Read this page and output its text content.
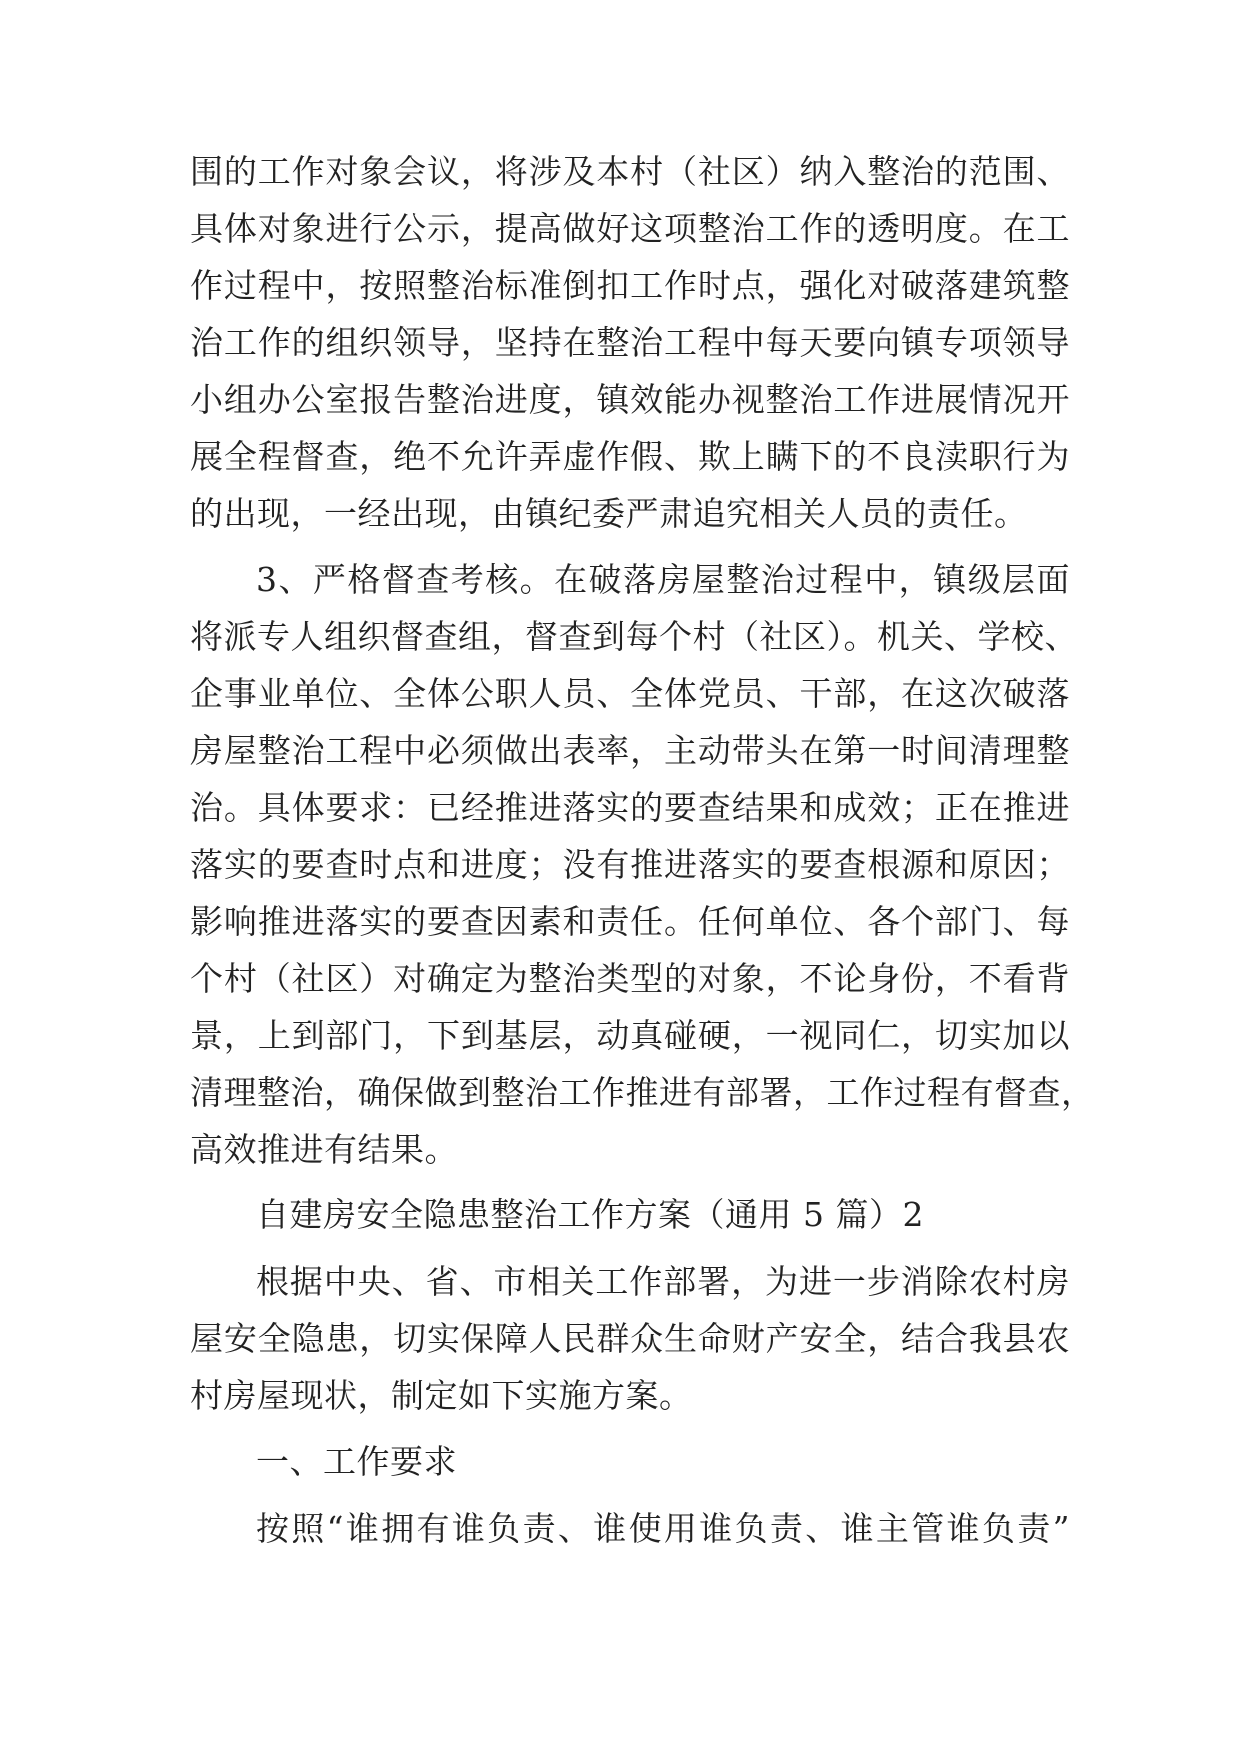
围的工作对象会议，将涉及本村（社区）纳入整治的范围、
具体对象进行公示，提高做好这项整治工作的透明度。在工
作过程中，按照整治标准倒扣工作时点，强化对破落建筑整
治工作的组织领导，坚持在整治工程中每天要向镇专项领导
小组办公室报告整治进度，镇效能办视整治工作进展情况开
展全程督查，绝不允许弄虚作假、欺上瞒下的不良渎职行为
的出现，一经出现，由镇纪委严肃追究相关人员的责任。
3、严格督查考核。在破落房屋整治过程中，镇级层面
将派专人组织督查组，督查到每个村（社区）。机关、学校、
企事业单位、全体公职人员、全体党员、干部，在这次破落
房屋整治工程中必须做出表率，主动带头在第一时间清理整
治。具体要求：已经推进落实的要查结果和成效；正在推进
落实的要查时点和进度；没有推进落实的要查根源和原因；
影响推进落实的要查因素和责任。任何单位、各个部门、每
个村（社区）对确定为整治类型的对象，不论身份，不看背
景，上到部门，下到基层，动真碰硬，一视同仁，切实加以
清理整治，确保做到整治工作推进有部署，工作过程有督查，
高效推进有结果。
自建房安全隐患整治工作方案（通用 5 篇）2
根据中央、省、市相关工作部署，为进一步消除农村房
屋安全隐患，切实保障人民群众生命财产安全，结合我县农
村房屋现状，制定如下实施方案。
一、工作要求
按照“谁拥有谁负责、谁使用谁负责、谁主管谁负责”
